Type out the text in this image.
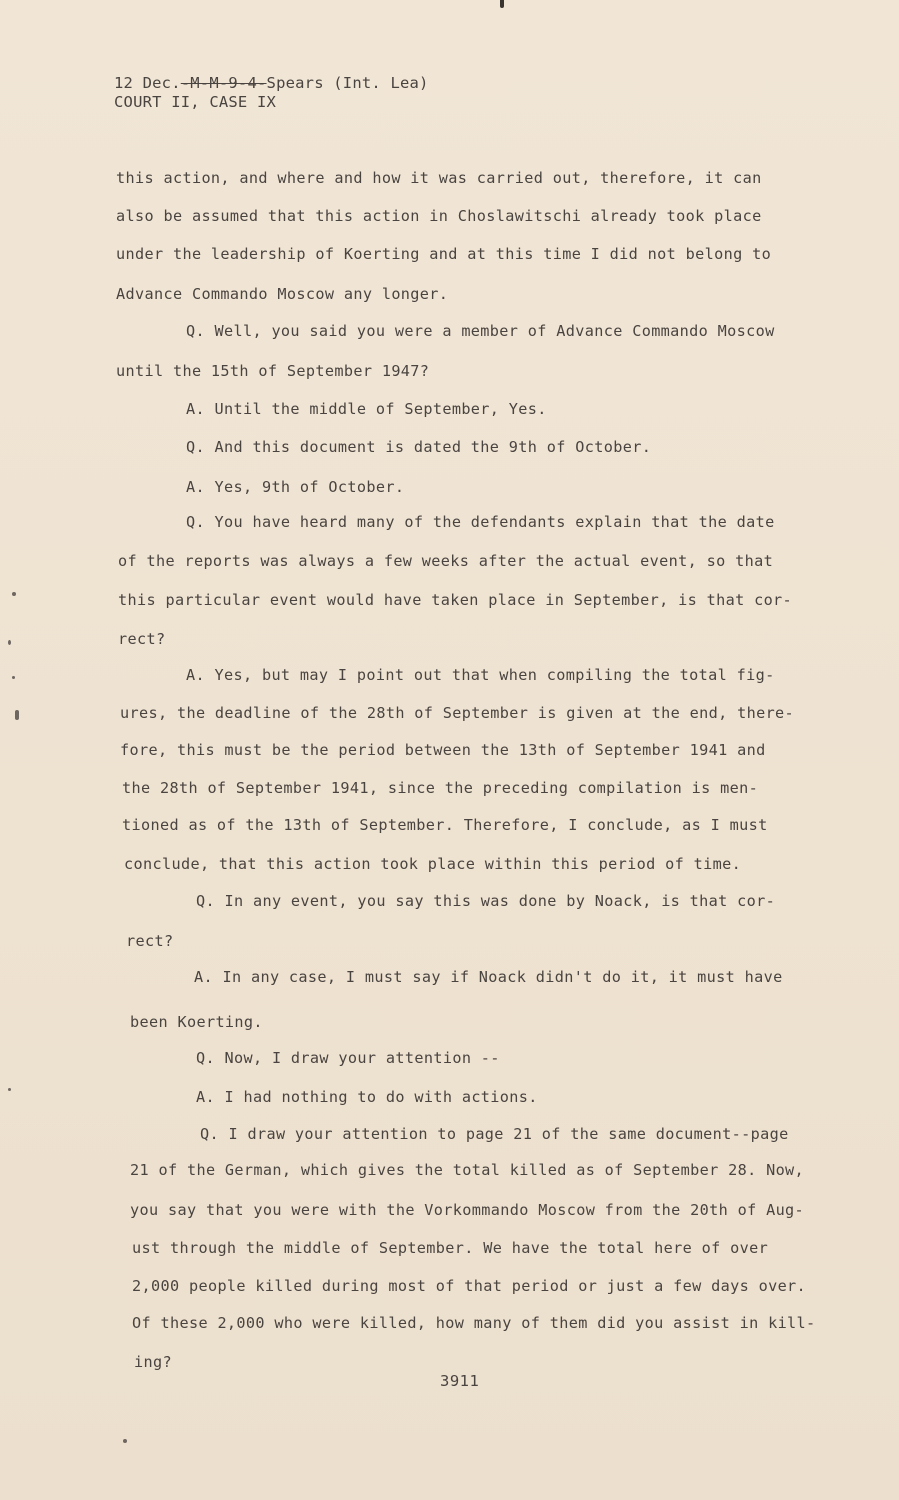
12 Dec.-M-M-9-4-Spears (Int. Lea)
COURT II, CASE IX
this action, and where and how it was carried out, therefore, it can
also be assumed that this action in Choslawitschi already took place
under the leadership of Koerting and at this time I did not belong to
Advance Commando Moscow any longer.
Q. Well, you said you were a member of Advance Commando Moscow
until the 15th of September 1947?
A. Until the middle of September, Yes.
Q. And this document is dated the 9th of October.
A. Yes, 9th of October.
Q. You have heard many of the defendants explain that the date
of the reports was always a few weeks after the actual event, so that
this particular event would have taken place in September, is that cor-
rect?
A. Yes, but may I point out that when compiling the total fig-
ures, the deadline of the 28th of September is given at the end, there-
fore, this must be the period between the 13th of September 1941 and
the 28th of September 1941, since the preceding compilation is men-
tioned as of the 13th of September. Therefore, I conclude, as I must
conclude, that this action took place within this period of time.
Q. In any event, you say this was done by Noack, is that cor-
rect?
A. In any case, I must say if Noack didn't do it, it must have
been Koerting.
Q. Now, I draw your attention --
A. I had nothing to do with actions.
Q. I draw your attention to page 21 of the same document--page
21 of the German, which gives the total killed as of September 28. Now,
you say that you were with the Vorkommando Moscow from the 20th of Aug-
ust through the middle of September. We have the total here of over
2,000 people killed during most of that period or just a few days over.
Of these 2,000 who were killed, how many of them did you assist in kill-
ing?
3911
